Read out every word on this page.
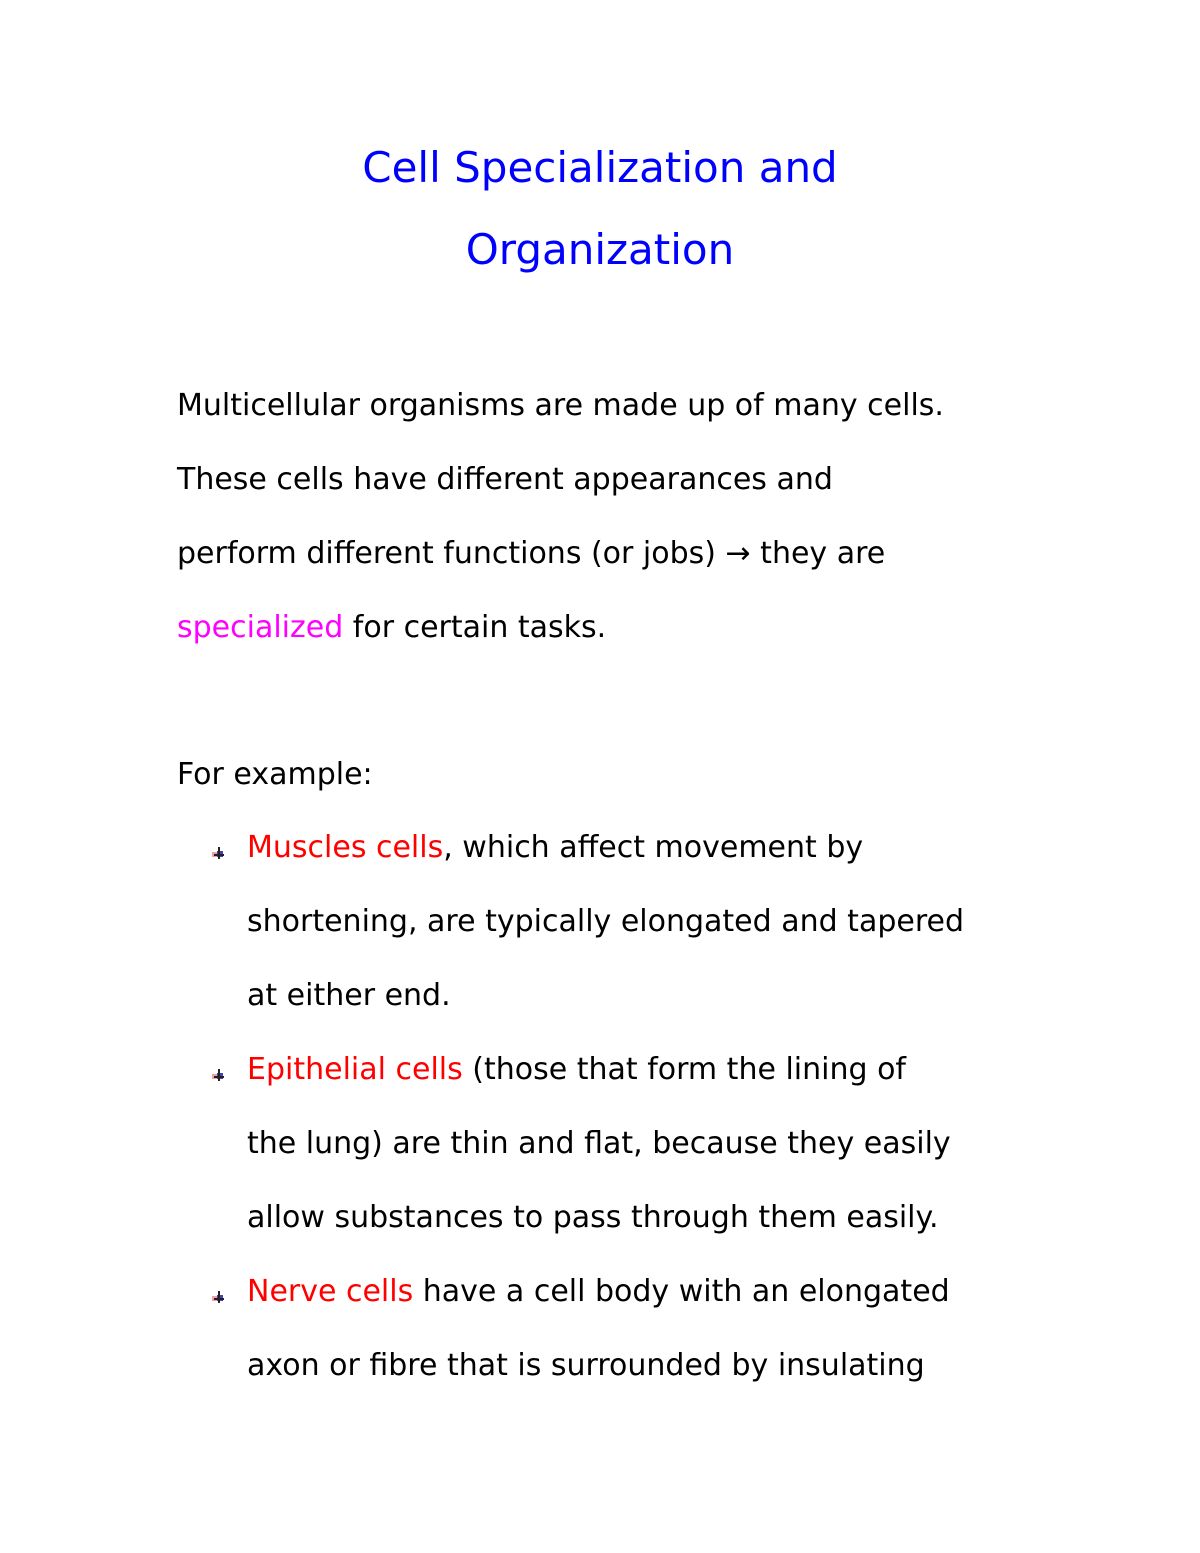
Cell Specialization and
Organization
Multicellular organisms are made up of many cells.
These cells have different appearances and
perform different functions (or jobs) → they are
specialized for certain tasks.
For example:
Muscles cells, which affect movement by
shortening, are typically elongated and tapered
at either end.
Epithelial cells (those that form the lining of
the lung) are thin and flat, because they easily
allow substances to pass through them easily.
Nerve cells have a cell body with an elongated
axon or fibre that is surrounded by insulating
